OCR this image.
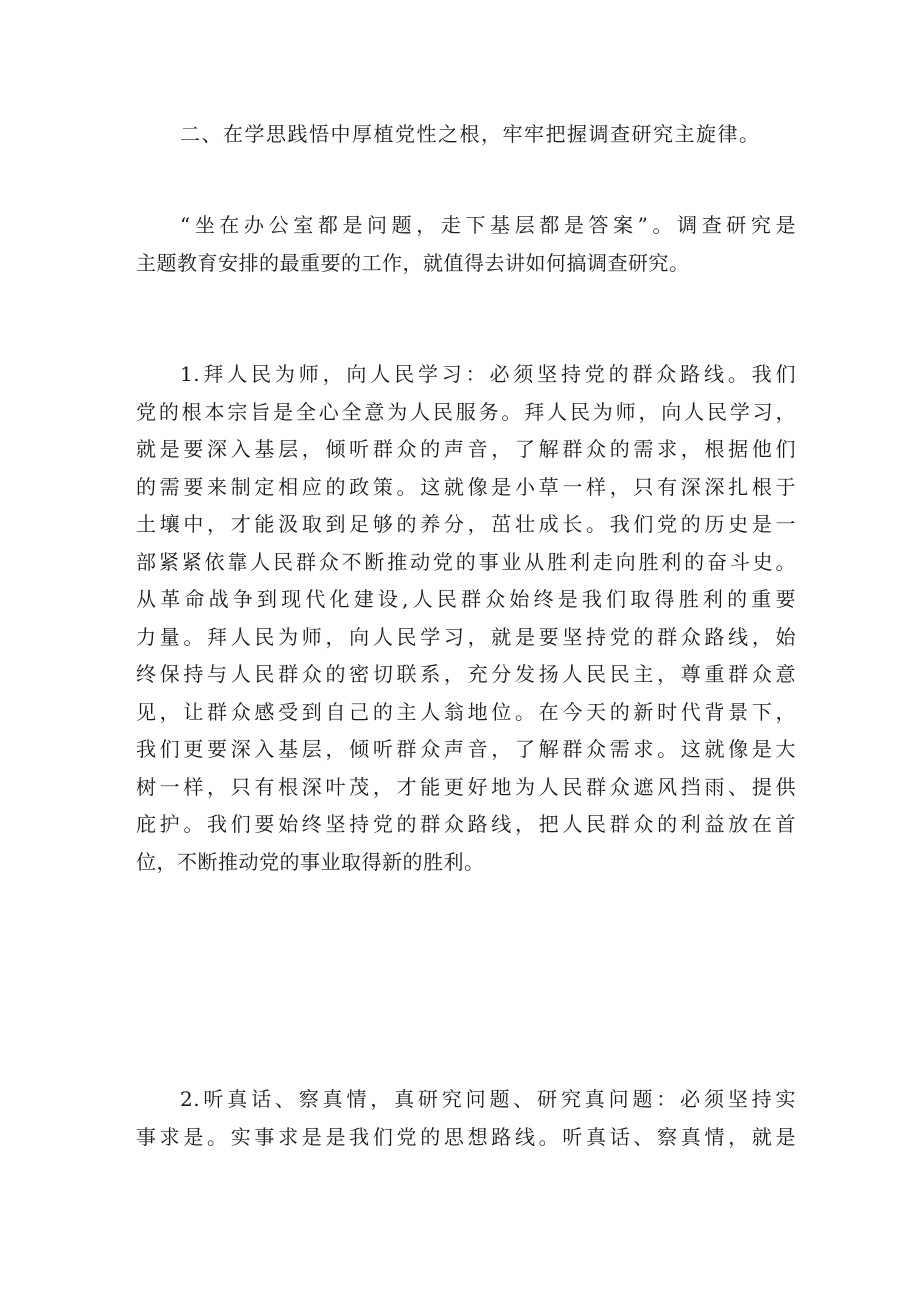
二、在学思践悟中厚植党性之根，牢牢把握调查研究主旋律。
“坐在办公室都是问题，走下基层都是答案”。调查研究是
主题教育安排的最重要的工作，就值得去讲如何搞调查研究。
1.拜人民为师，向人民学习：必须坚持党的群众路线。我们
党的根本宗旨是全心全意为人民服务。拜人民为师，向人民学习，
就是要深入基层，倾听群众的声音，了解群众的需求，根据他们
的需要来制定相应的政策。这就像是小草一样，只有深深扎根于
土壤中，才能汲取到足够的养分，茁壮成长。我们党的历史是一
部紧紧依靠人民群众不断推动党的事业从胜利走向胜利的奋斗史。
从革命战争到现代化建设,人民群众始终是我们取得胜利的重要
力量。拜人民为师，向人民学习，就是要坚持党的群众路线，始
终保持与人民群众的密切联系，充分发扬人民民主，尊重群众意
见，让群众感受到自己的主人翁地位。在今天的新时代背景下，
我们更要深入基层，倾听群众声音，了解群众需求。这就像是大
树一样，只有根深叶茂，才能更好地为人民群众遮风挡雨、提供
庇护。我们要始终坚持党的群众路线，把人民群众的利益放在首
位，不断推动党的事业取得新的胜利。
2.听真话、察真情，真研究问题、研究真问题：必须坚持实
事求是。实事求是是我们党的思想路线。听真话、察真情，就是
